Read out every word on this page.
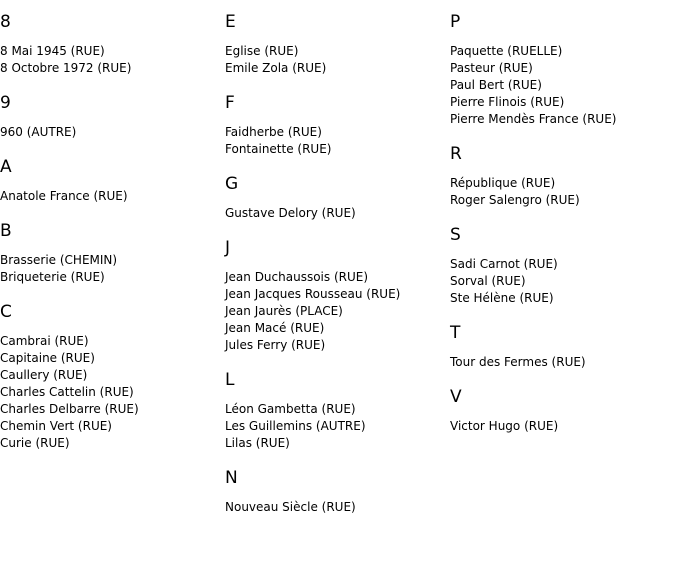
8
8 Mai 1945 (RUE)
8 Octobre 1972 (RUE)
9
960 (AUTRE)
A
Anatole France (RUE)
B
Brasserie (CHEMIN)
Briqueterie (RUE)
C
Cambrai (RUE)
Capitaine (RUE)
Caullery (RUE)
Charles Cattelin (RUE)
Charles Delbarre (RUE)
Chemin Vert (RUE)
Curie (RUE)
E
Eglise (RUE)
Emile Zola (RUE)
F
Faidherbe (RUE)
Fontainette (RUE)
G
Gustave Delory (RUE)
J
Jean Duchaussois (RUE)
Jean Jacques Rousseau (RUE)
Jean Jaurès (PLACE)
Jean Macé (RUE)
Jules Ferry (RUE)
L
Léon Gambetta (RUE)
Les Guillemins (AUTRE)
Lilas (RUE)
N
Nouveau Siècle (RUE)
P
Paquette (RUELLE)
Pasteur (RUE)
Paul Bert (RUE)
Pierre Flinois (RUE)
Pierre Mendès France (RUE)
R
République (RUE)
Roger Salengro (RUE)
S
Sadi Carnot (RUE)
Sorval (RUE)
Ste Hélène (RUE)
T
Tour des Fermes (RUE)
V
Victor Hugo (RUE)
